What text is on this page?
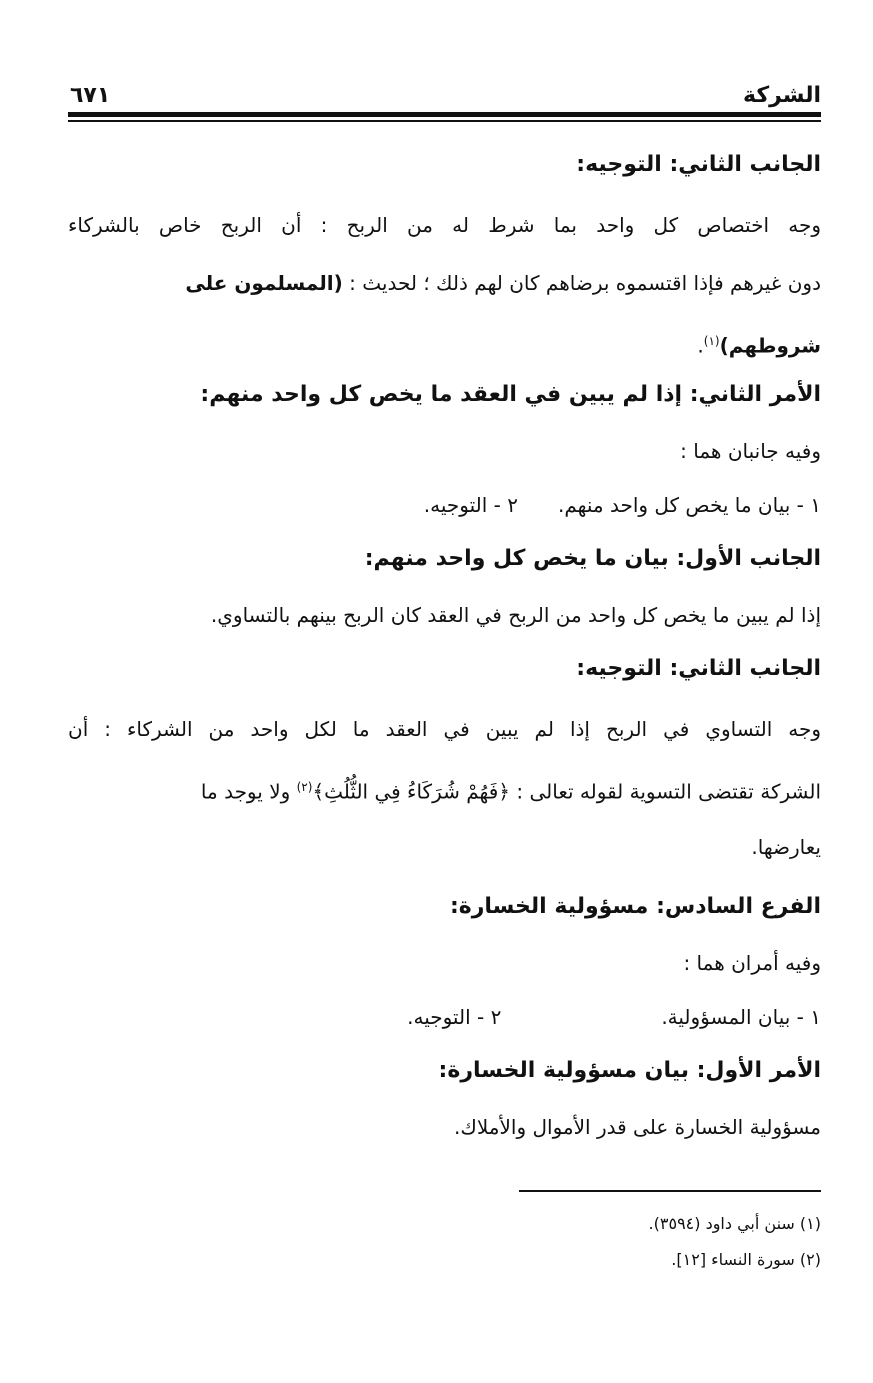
الشركة
٦٧١
الجانب الثاني: التوجيه:
وجه اختصاص كل واحد بما شرط له من الربح : أن الربح خاص بالشركاء
دون غيرهم فإذا اقتسموه برضاهم كان لهم ذلك ؛ لحديث : (المسلمون على
شروطهم)$^{(١)}$.
الأمر الثاني: إذا لم يبين في العقد ما يخص كل واحد منهم:
وفيه جانبان هما :
١ - بيان ما يخص كل واحد منهم.٢ - التوجيه.
الجانب الأول: بيان ما يخص كل واحد منهم:
إذا لم يبين ما يخص كل واحد من الربح في العقد كان الربح بينهم بالتساوي.
الجانب الثاني: التوجيه:
وجه التساوي في الربح إذا لم يبين في العقد ما لكل واحد من الشركاء : أن
الشركة تقتضى التسوية لقوله تعالى : ﴿فَهُمْ شُرَكَاءُ فِي الثُّلُثِ﴾$^{(٢)}$ ولا يوجد ما
يعارضها.
الفرع السادس: مسؤولية الخسارة:
وفيه أمران هما :
١ - بيان المسؤولية.٢ - التوجيه.
الأمر الأول: بيان مسؤولية الخسارة:
مسؤولية الخسارة على قدر الأموال والأملاك.
(١) سنن أبي داود (٣٥٩٤).
(٢) سورة النساء [١٢].
